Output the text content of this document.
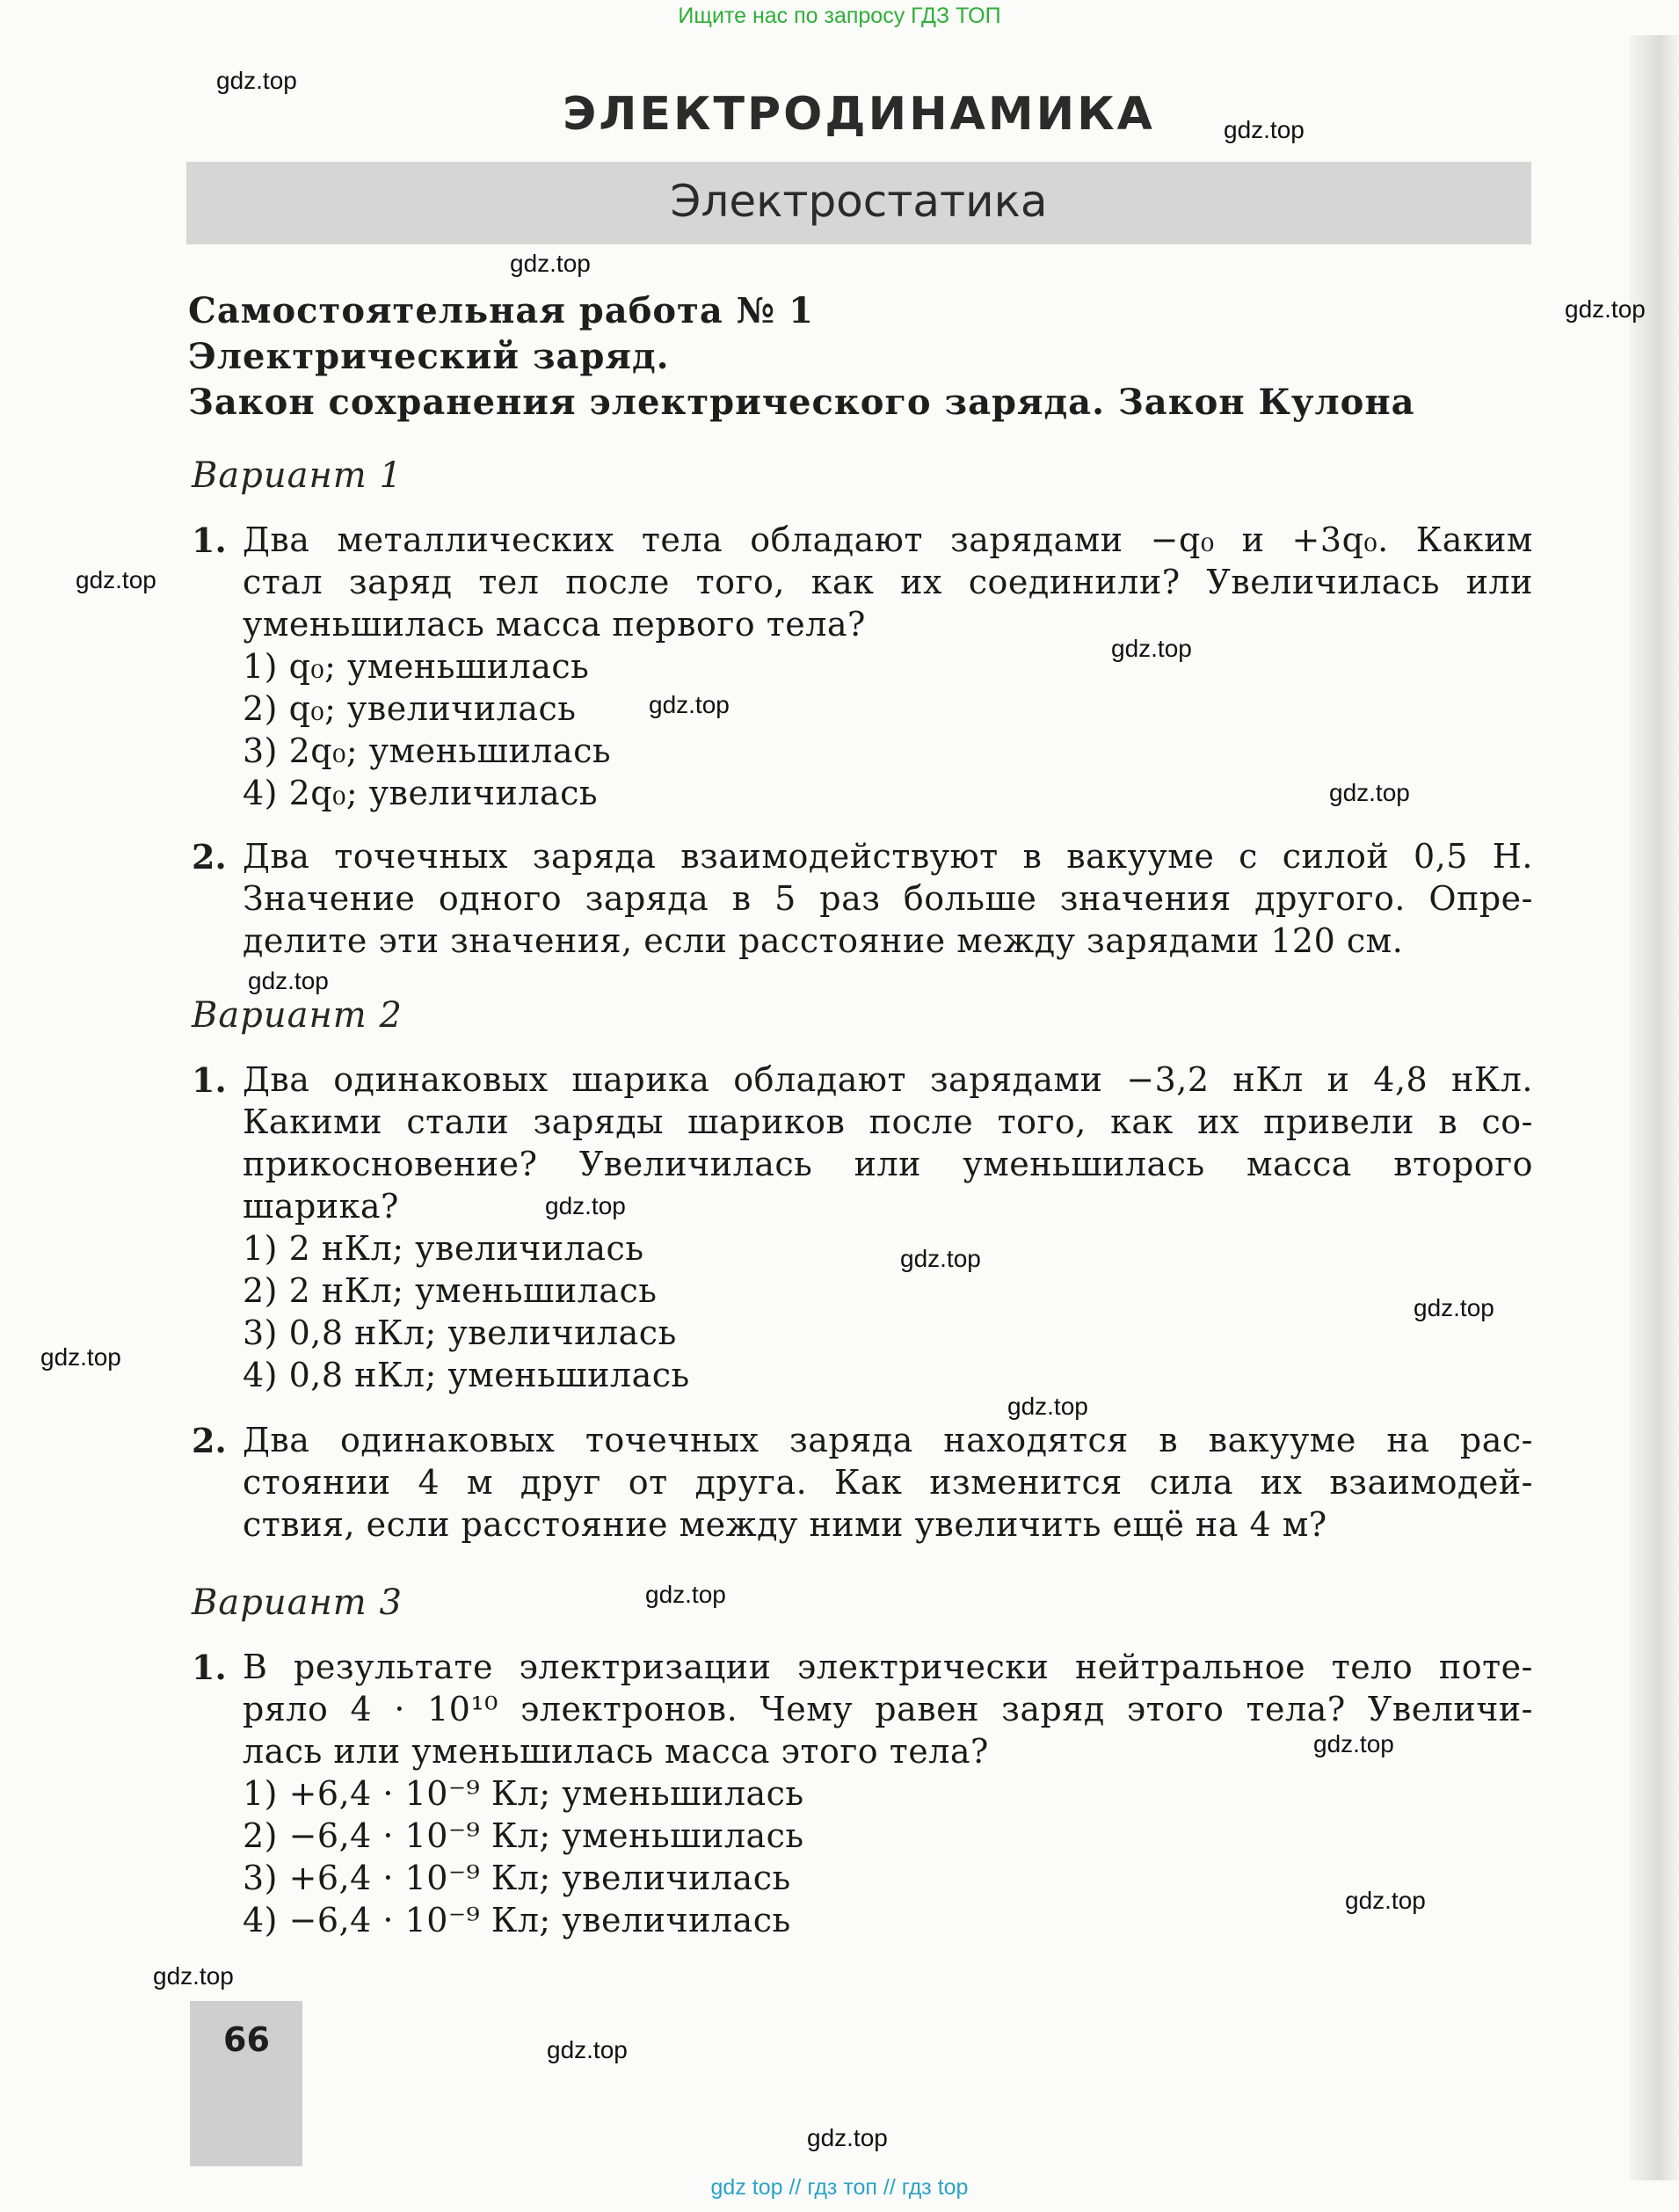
Ищите нас по запросу ГДЗ ТОП
gdz.top
gdz.top
gdz.top
gdz.top
gdz.top
gdz.top
gdz.top
gdz.top
gdz.top
gdz.top
gdz.top
gdz.top
gdz.top
gdz.top
gdz.top
gdz.top
gdz.top
gdz.top
gdz.top
gdz.top
ЭЛЕКТРОДИНАМИКА
Электростатика
Самостоятельная работа № 1
Электрический заряд.
Закон сохранения электрического заряда. Закон Кулона
Вариант 1
1. Два металлических тела обладают зарядами −q₀ и +3q₀. Каким
стал заряд тел после того, как их соединили? Увеличилась или
уменьшилась масса первого тела?
1) q₀; уменьшилась
2) q₀; увеличилась
3) 2q₀; уменьшилась
4) 2q₀; увеличилась
2. Два точечных заряда взаимодействуют в вакууме с силой 0,5 Н.
Значение одного заряда в 5 раз больше значения другого. Опре-
делите эти значения, если расстояние между зарядами 120 см.
Вариант 2
1. Два одинаковых шарика обладают зарядами −3,2 нКл и 4,8 нКл.
Какими стали заряды шариков после того, как их привели в со-
прикосновение? Увеличилась или уменьшилась масса второго
шарика?
1) 2 нКл; увеличилась
2) 2 нКл; уменьшилась
3) 0,8 нКл; увеличилась
4) 0,8 нКл; уменьшилась
2. Два одинаковых точечных заряда находятся в вакууме на рас-
стоянии 4 м друг от друга. Как изменится сила их взаимодей-
ствия, если расстояние между ними увеличить ещё на 4 м?
Вариант 3
1. В результате электризации электрически нейтральное тело поте-
ряло 4 · 10¹⁰ электронов. Чему равен заряд этого тела? Увеличи-
лась или уменьшилась масса этого тела?
1) +6,4 · 10⁻⁹ Кл; уменьшилась
2) −6,4 · 10⁻⁹ Кл; уменьшилась
3) +6,4 · 10⁻⁹ Кл; увеличилась
4) −6,4 · 10⁻⁹ Кл; увеличилась
66
gdz top // гдз топ // гдз top
